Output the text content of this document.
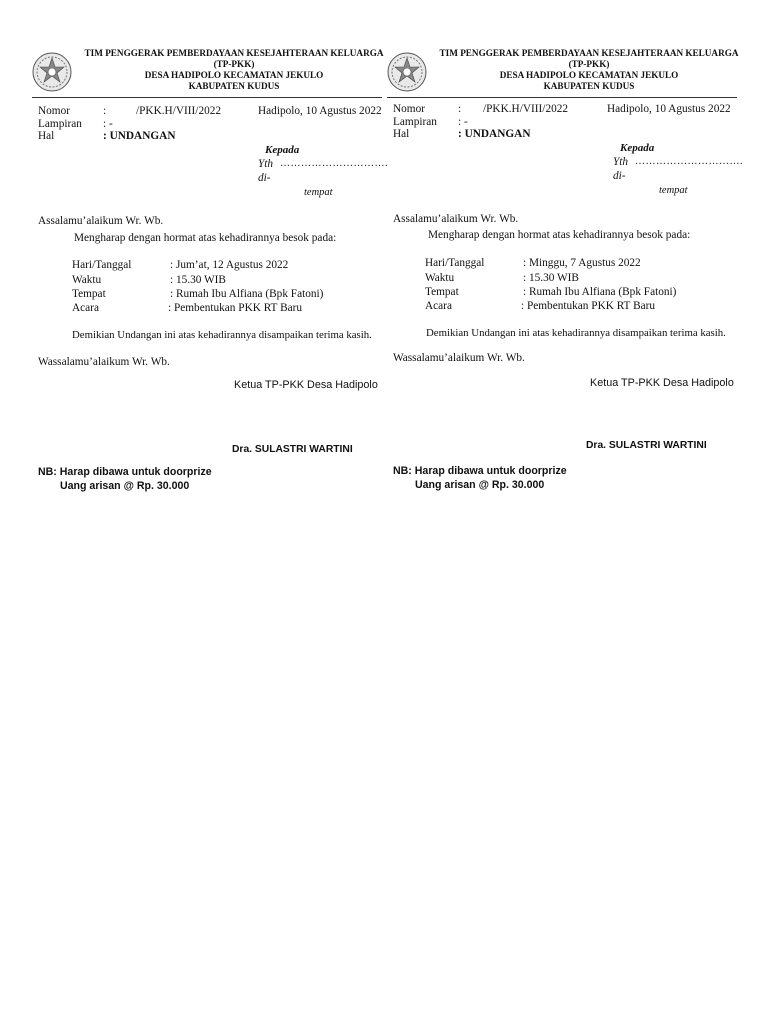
TIM PENGGERAK PEMBERDAYAAN KESEJAHTERAAN KELUARGA
(TP-PKK)
DESA HADIPOLO KECAMATAN JEKULO
KABUPATEN KUDUS
Nomor	:	/PKK.H/VIII/2022	Hadipolo, 10 Agustus 2022
Lampiran : -
Hal	: UNDANGAN
Kepada
Yth ………………………….
di-
tempat
Assalamu’alaikum Wr. Wb.
Mengharap dengan hormat atas kehadirannya besok pada:
Hari/Tanggal	: Jum’at, 12 Agustus 2022
Waktu	: 15.30 WIB
Tempat	: Rumah Ibu Alfiana (Bpk Fatoni)
Acara	: Pembentukan PKK RT Baru
Demikian Undangan ini atas kehadirannya disampaikan terima kasih.
Wassalamu’alaikum Wr. Wb.
Ketua TP-PKK Desa Hadipolo
Dra. SULASTRI WARTINI
NB: Harap dibawa untuk doorprize
Uang arisan @ Rp. 30.000
TIM PENGGERAK PEMBERDAYAAN KESEJAHTERAAN KELUARGA
(TP-PKK)
DESA HADIPOLO KECAMATAN JEKULO
KABUPATEN KUDUS
Nomor	: /PKK.H/VIII/2022	Hadipolo, 10 Agustus 2022
Lampiran : -
Hal	: UNDANGAN
Kepada
Yth ………………………….
di-
tempat
Assalamu’alaikum Wr. Wb.
Mengharap dengan hormat atas kehadirannya besok pada:
Hari/Tanggal	: Minggu, 7 Agustus 2022
Waktu	: 15.30 WIB
Tempat	: Rumah Ibu Alfiana (Bpk Fatoni)
Acara	: Pembentukan PKK RT Baru
Demikian Undangan ini atas kehadirannya disampaikan terima kasih.
Wassalamu’alaikum Wr. Wb.
Ketua TP-PKK Desa Hadipolo
Dra. SULASTRI WARTINI
NB: Harap dibawa untuk doorprize
Uang arisan @ Rp. 30.000
